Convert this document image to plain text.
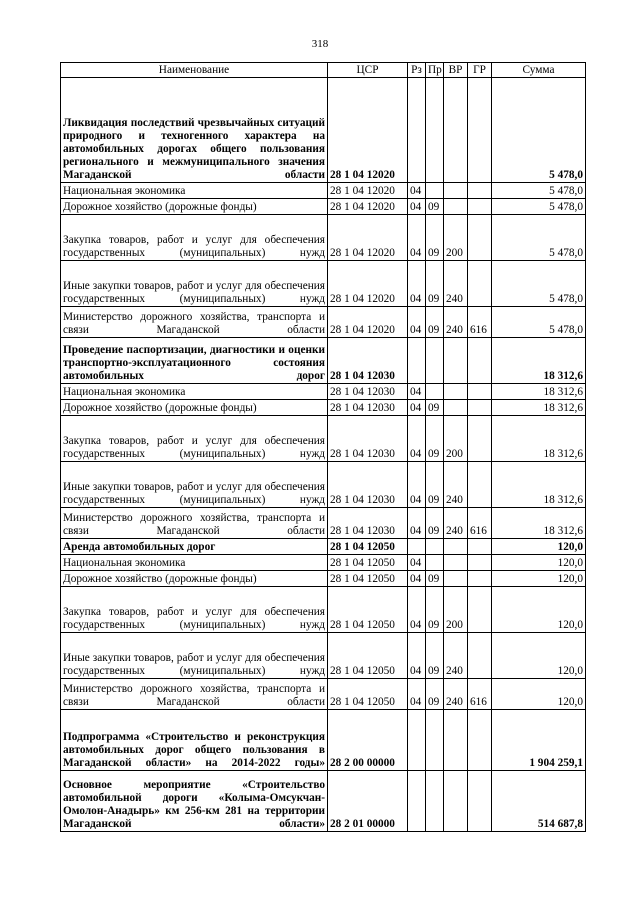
318
Наименование	ЦСР	Рз	Пр	ВР	ГР	Сумма
Ликвидация последствий чрезвычайных ситуаций природного и техногенного характера на автомобильных дорогах общего пользования регионального и межмуниципального значения Магаданской области	28 1 04 12020					5 478,0
Национальная экономика	28 1 04 12020	04				5 478,0
Дорожное хозяйство (дорожные фонды)	28 1 04 12020	04	09			5 478,0
Закупка товаров, работ и услуг для обеспечения государственных (муниципальных) нужд	28 1 04 12020	04	09	200		5 478,0
Иные закупки товаров, работ и услуг для обеспечения государственных (муниципальных) нужд	28 1 04 12020	04	09	240		5 478,0
Министерство дорожного хозяйства, транспорта и связи Магаданской области	28 1 04 12020	04	09	240	616	5 478,0
Проведение паспортизации, диагностики и оценки транспортно-эксплуатационного состояния автомобильных дорог	28 1 04 12030					18 312,6
Национальная экономика	28 1 04 12030	04				18 312,6
Дорожное хозяйство (дорожные фонды)	28 1 04 12030	04	09			18 312,6
Закупка товаров, работ и услуг для обеспечения государственных (муниципальных) нужд	28 1 04 12030	04	09	200		18 312,6
Иные закупки товаров, работ и услуг для обеспечения государственных (муниципальных) нужд	28 1 04 12030	04	09	240		18 312,6
Министерство дорожного хозяйства, транспорта и связи Магаданской области	28 1 04 12030	04	09	240	616	18 312,6
Аренда автомобильных дорог	28 1 04 12050					120,0
Национальная экономика	28 1 04 12050	04				120,0
Дорожное хозяйство (дорожные фонды)	28 1 04 12050	04	09			120,0
Закупка товаров, работ и услуг для обеспечения государственных (муниципальных) нужд	28 1 04 12050	04	09	200		120,0
Иные закупки товаров, работ и услуг для обеспечения государственных (муниципальных) нужд	28 1 04 12050	04	09	240		120,0
Министерство дорожного хозяйства, транспорта и связи Магаданской области	28 1 04 12050	04	09	240	616	120,0
Подпрограмма «Строительство и реконструкция автомобильных дорог общего пользования в Магаданской области» на 2014-2022 годы»	28 2 00 00000					1 904 259,1
Основное мероприятие «Строительство автомобильной дороги «Колыма-Омсукчан-Омолон-Анадырь» км 256-км 281 на территории Магаданской области»	28 2 01 00000					514 687,8
